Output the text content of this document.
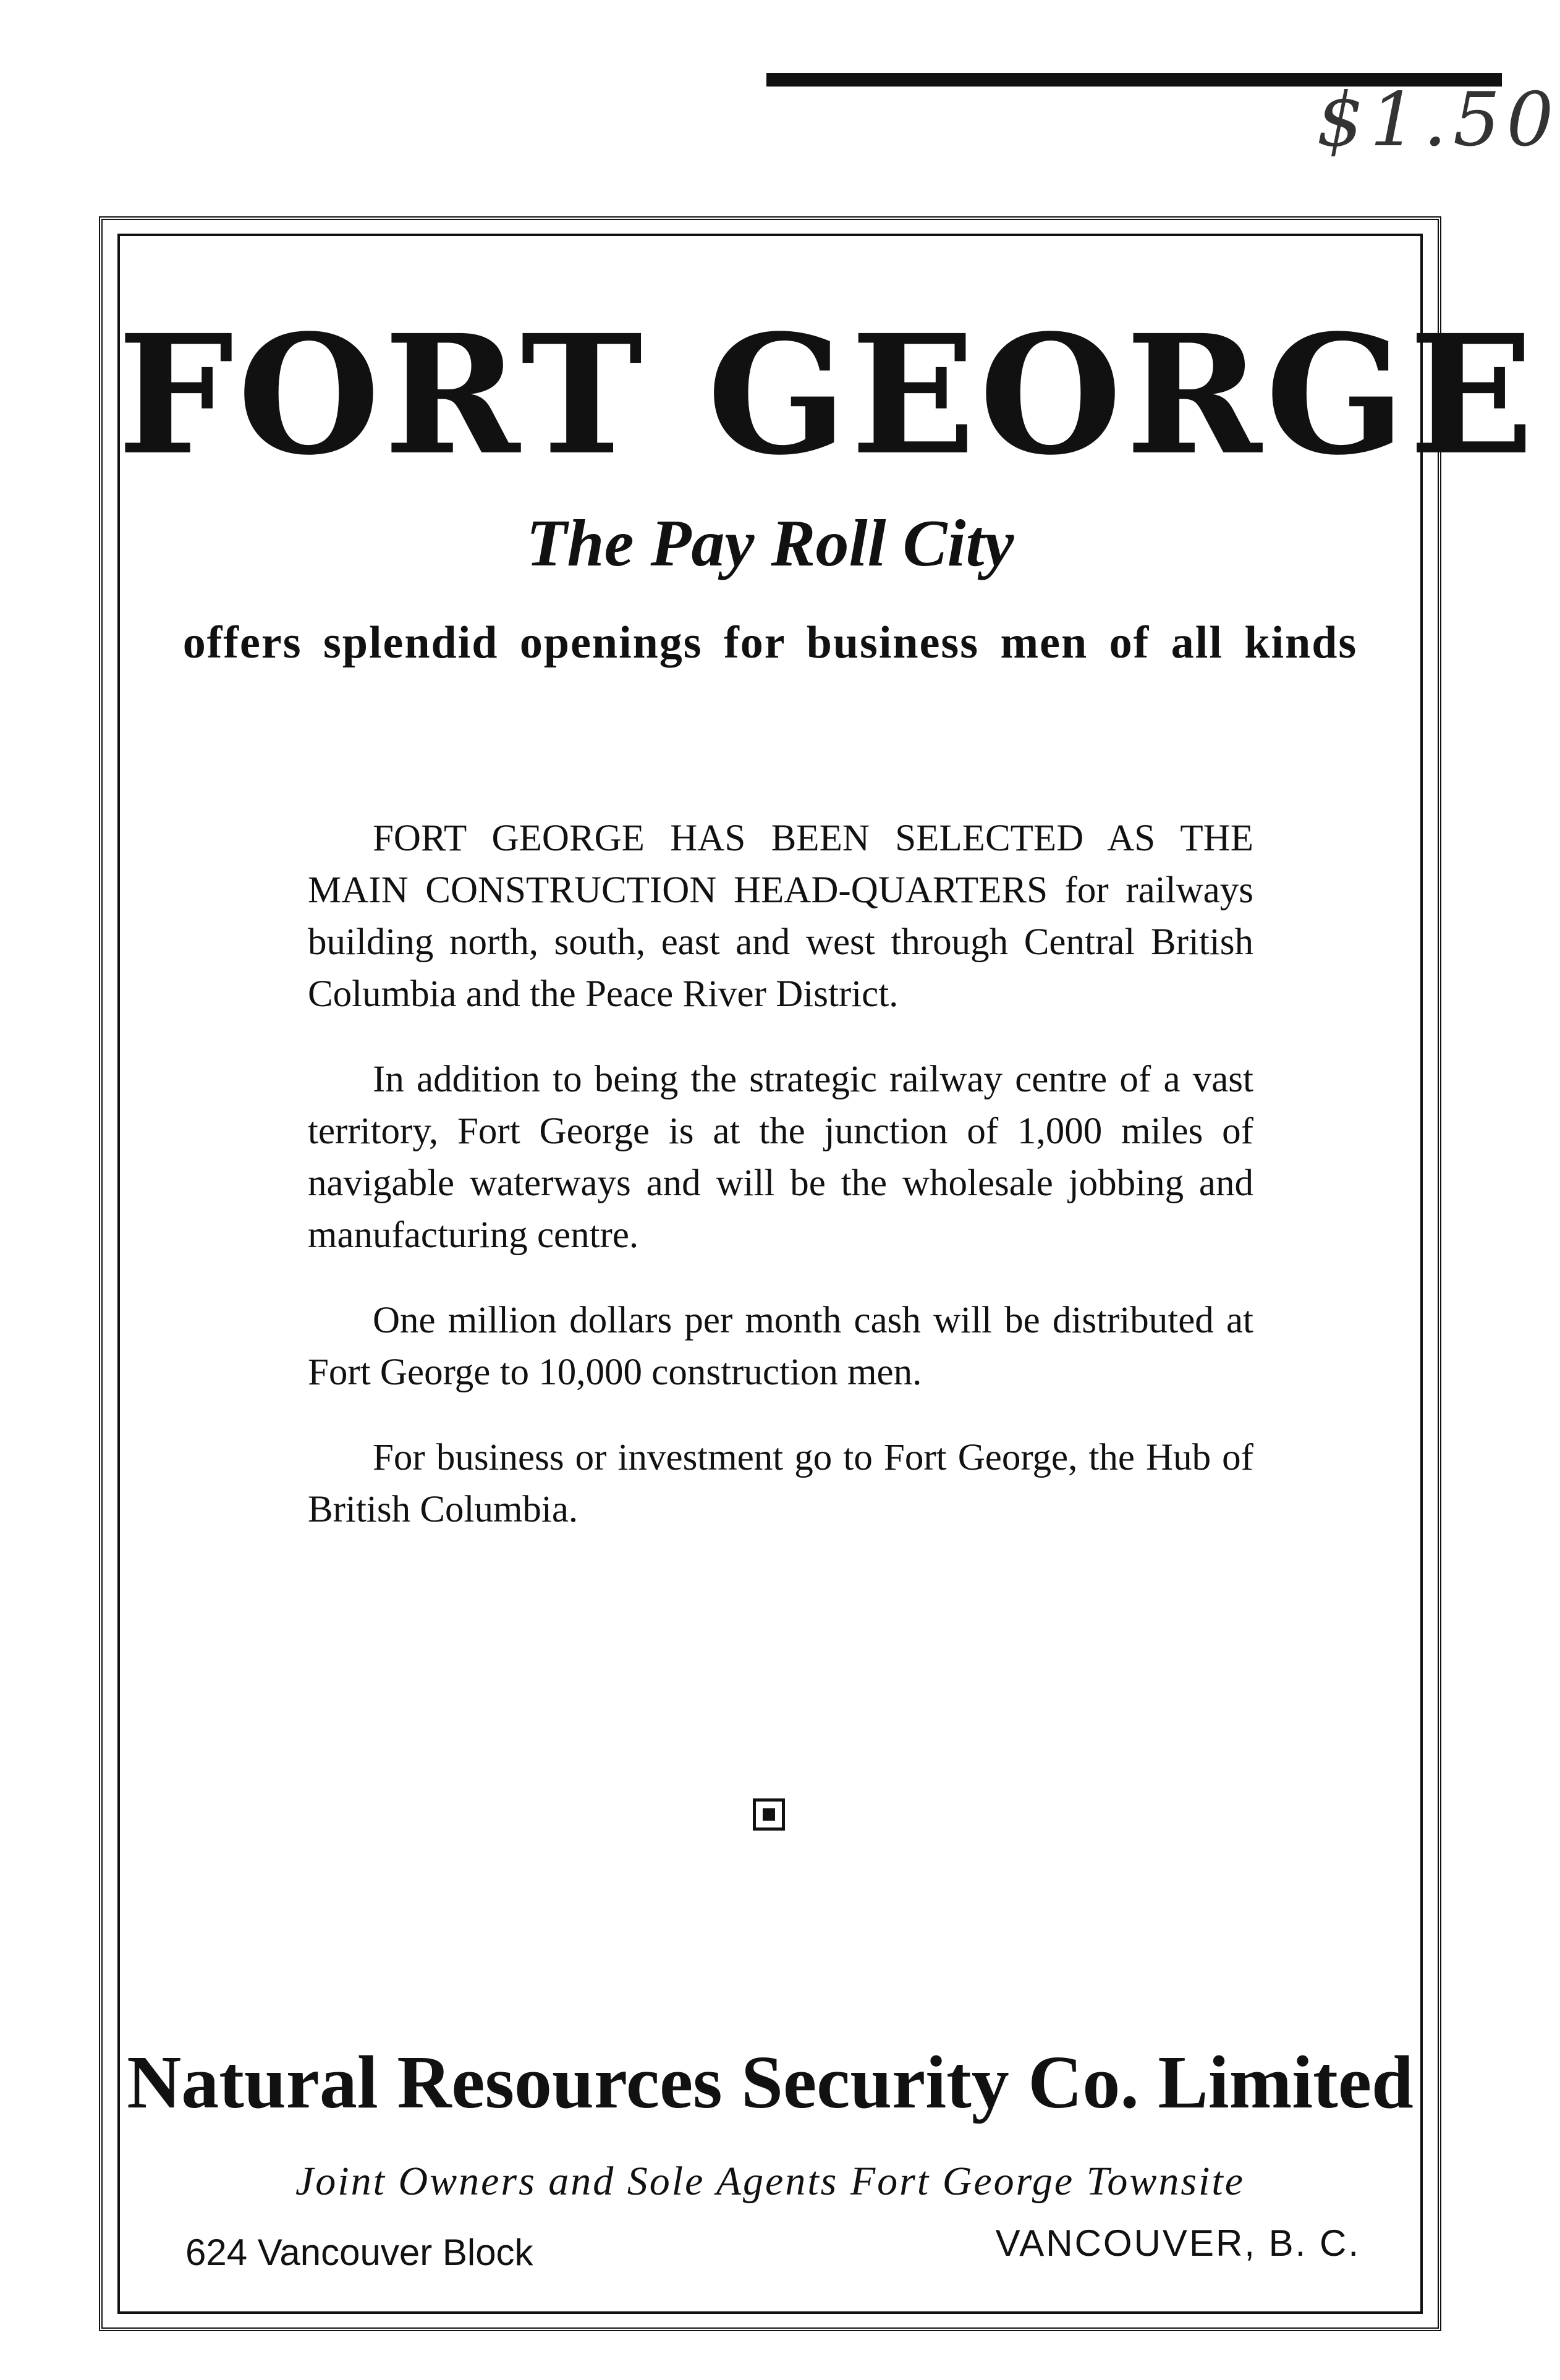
$1.50
FORT GEORGE
The Pay Roll City
offers splendid openings for business men of all kinds

FORT GEORGE HAS BEEN SELECTED AS THE MAIN CONSTRUCTION HEAD-QUARTERS for railways building north, south, east and west through Central British Columbia and the Peace River District.

In addition to being the strategic railway centre of a vast territory, Fort George is at the junction of 1,000 miles of navigable waterways and will be the wholesale jobbing and manufacturing centre.

One million dollars per month cash will be distributed at Fort George to 10,000 construction men.

For business or investment go to Fort George, the Hub of British Columbia.

Natural Resources Security Co. Limited
Joint Owners and Sole Agents Fort George Townsite
624 Vancouver Block	VANCOUVER, B. C.
